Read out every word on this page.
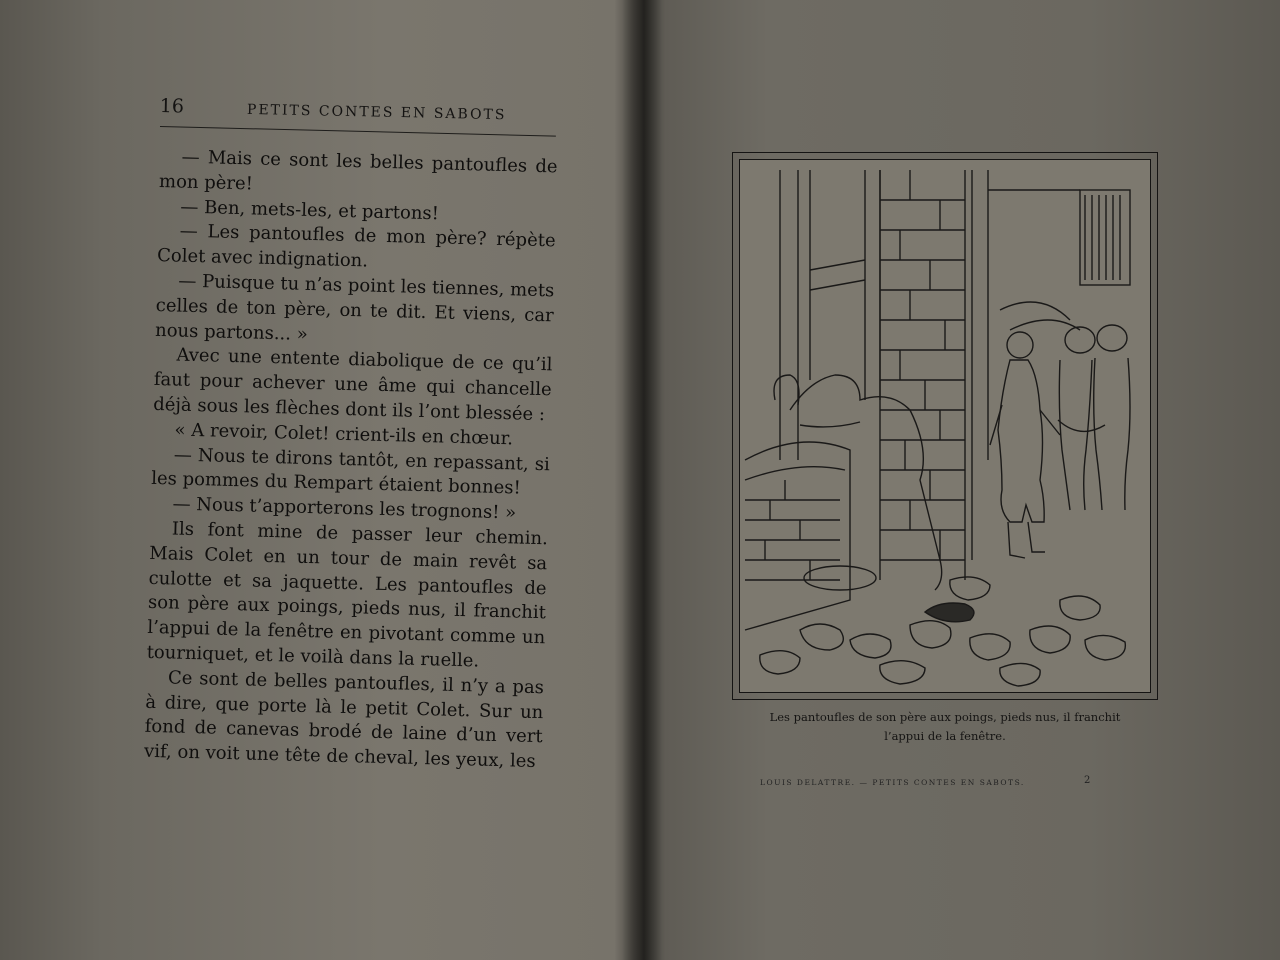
16	PETITS CONTES EN SABOTS

— Mais ce sont les belles pantoufles de mon père!

— Ben, mets-les, et partons!

— Les pantoufles de mon père? répète Colet avec indignation.

— Puisque tu n’as point les tiennes, mets celles de ton père, on te dit. Et viens, car nous partons... »

Avec une entente diabolique de ce qu’il faut pour achever une âme qui chancelle déjà sous les flèches dont ils l’ont blessée :

« A revoir, Colet! crient-ils en chœur.

— Nous te dirons tantôt, en repassant, si les pommes du Rempart étaient bonnes!

— Nous t’apporterons les trognons! »

Ils font mine de passer leur chemin. Mais Colet en un tour de main revêt sa culotte et sa jaquette. Les pantoufles de son père aux poings, pieds nus, il franchit l’appui de la fenêtre en pivotant comme un tourniquet, et le voilà dans la ruelle.

Ce sont de belles pantoufles, il n’y a pas à dire, que porte là le petit Colet. Sur un fond de canevas brodé de laine d’un vert vif, on voit une tête de cheval, les yeux, les

Les pantoufles de son père aux poings, pieds nus, il franchit
l’appui de la fenêtre.
LOUIS DELATTRE. — PETITS CONTES EN SABOTS.	2
